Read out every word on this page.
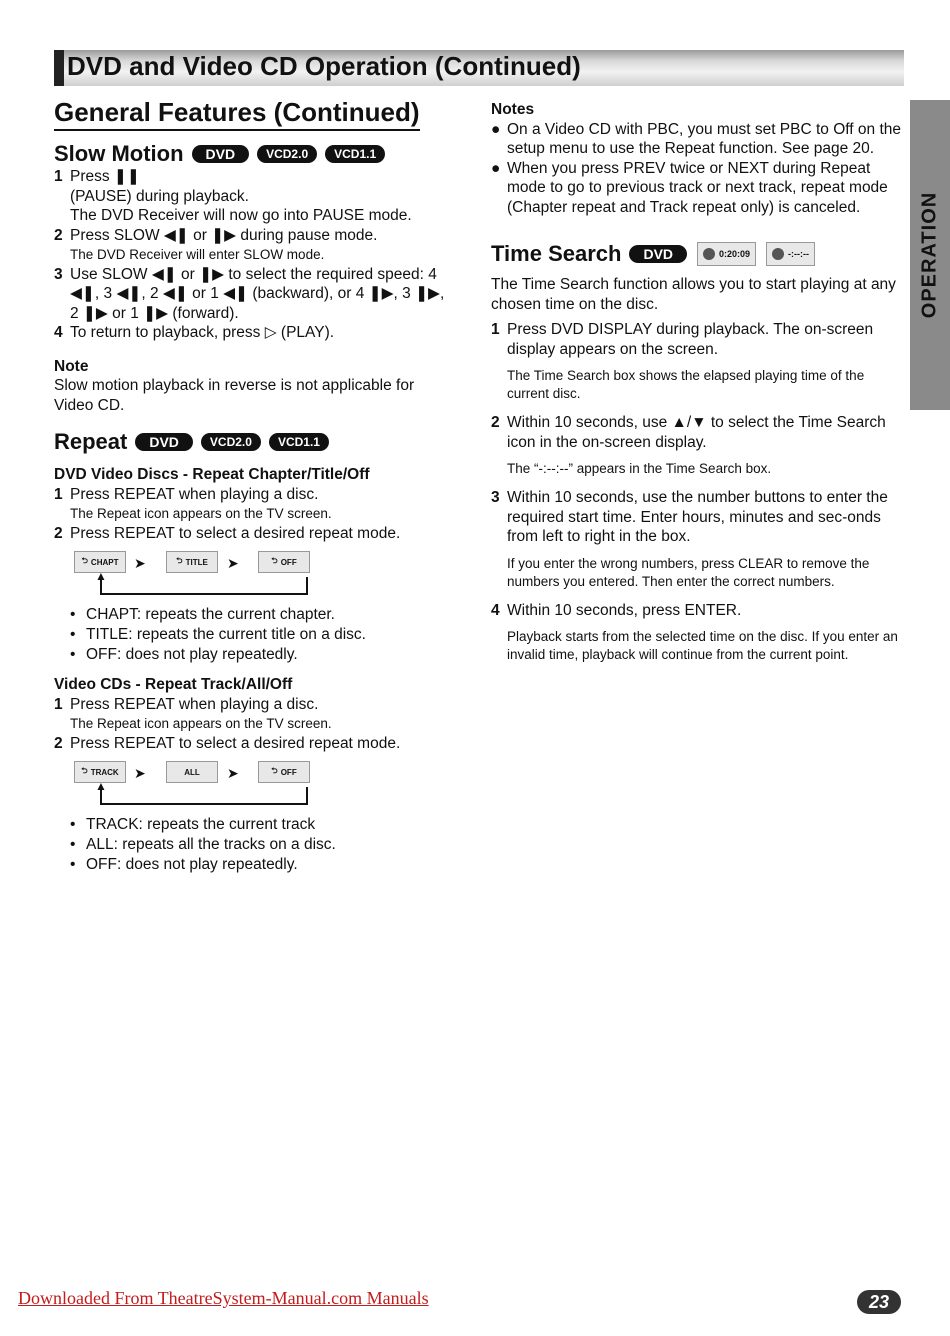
DVD and Video CD Operation (Continued)
OPERATION
General Features (Continued)
Slow Motion	DVD	VCD2.0	VCD1.1
1 Press ❚❚
(PAUSE) during playback.
The DVD Receiver will now go into PAUSE mode.
2 Press SLOW ◀❚ or ❚▶ during pause mode.
The DVD Receiver will enter SLOW mode.
3 Use SLOW ◀❚ or ❚▶ to select the required speed: 4 ◀❚, 3 ◀❚, 2 ◀❚ or 1 ◀❚ (backward), or 4 ❚▶, 3 ❚▶, 2 ❚▶ or 1 ❚▶ (forward).
4 To return to playback, press ▷ (PLAY).
Note
Slow motion playback in reverse is not applicable for Video CD.
Repeat	DVD	VCD2.0	VCD1.1
DVD Video Discs - Repeat Chapter/Title/Off
1 Press REPEAT when playing a disc.
The Repeat icon appears on the TV screen.
2 Press REPEAT to select a desired repeat mode.
⮌ CHAPT ➤	⮌ TITLE ➤	⮌ OFF
▲
• CHAPT: repeats the current chapter.
• TITLE: repeats the current title on a disc.
• OFF: does not play repeatedly.
Video CDs - Repeat Track/All/Off
1 Press REPEAT when playing a disc.
The Repeat icon appears on the TV screen.
2 Press REPEAT to select a desired repeat mode.
⮌ TRACK ➤	ALL ➤	⮌ OFF
▲
• TRACK: repeats the current track
• ALL: repeats all the tracks on a disc.
• OFF: does not play repeatedly.
Notes
● On a Video CD with PBC, you must set PBC to Off on the setup menu to use the Repeat function. See page 20.
● When you press PREV twice or NEXT during Repeat mode to go to previous track or next track, repeat mode (Chapter repeat and Track repeat only) is canceled.
Time Search	DVD	0:20:09	-:--:--
The Time Search function allows you to start playing at any chosen time on the disc.
1 Press DVD DISPLAY during playback. The on-screen display appears on the screen.
The Time Search box shows the elapsed playing time of the current disc.
2 Within 10 seconds, use ▲/▼ to select the Time Search icon in the on-screen display.
The “-:--:--” appears in the Time Search box.
3 Within 10 seconds, use the number buttons to enter the required start time. Enter hours, minutes and sec-onds from left to right in the box.
If you enter the wrong numbers, press CLEAR to remove the numbers you entered. Then enter the correct numbers.
4 Within 10 seconds, press ENTER.
Playback starts from the selected time on the disc. If you enter an invalid time, playback will continue from the current point.
Downloaded From TheatreSystem-Manual.com Manuals	23
